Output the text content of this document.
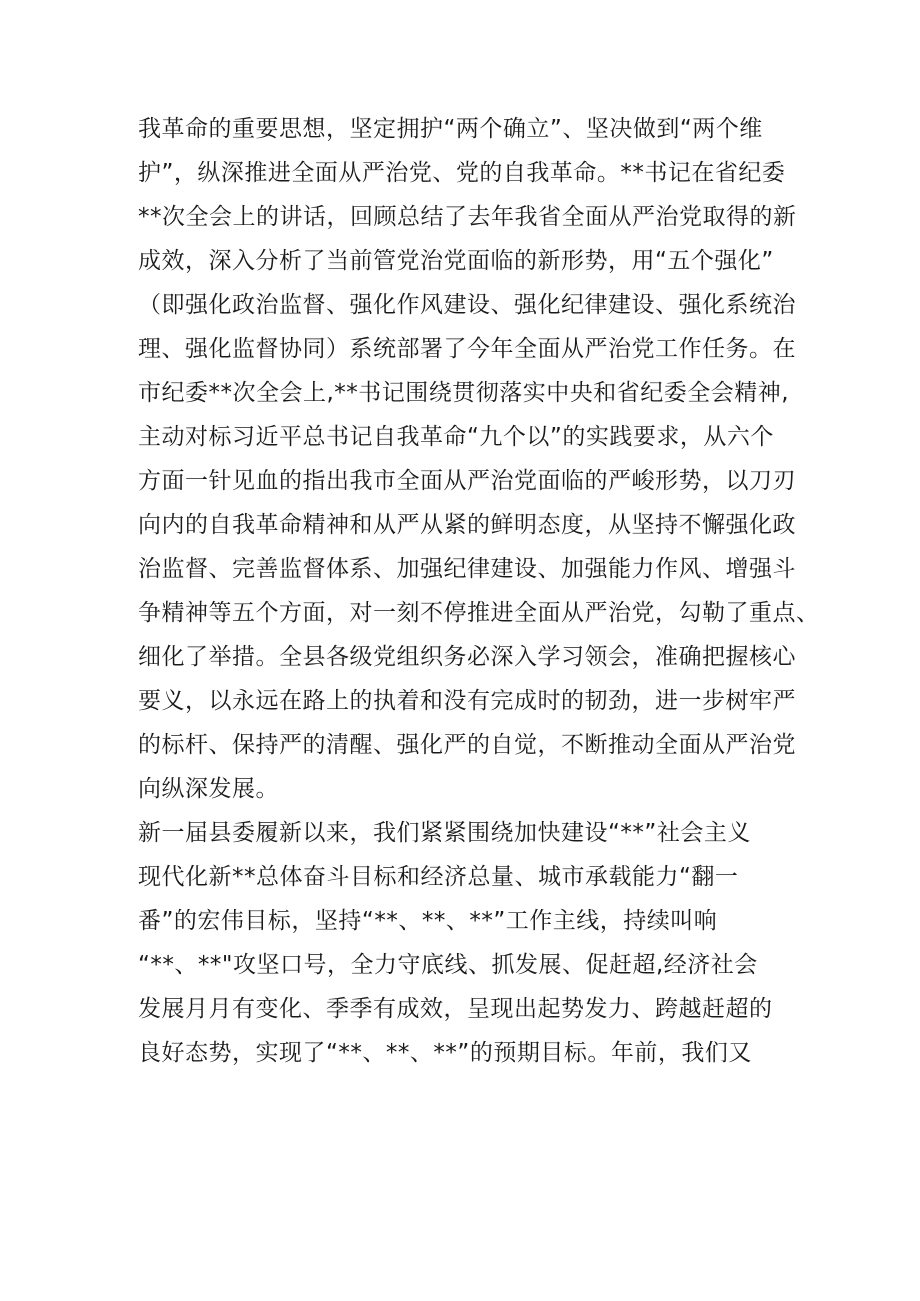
我革命的重要思想，坚定拥护“两个确立”、坚决做到“两个维
护”，纵深推进全面从严治党、党的自我革命。**书记在省纪委
**次全会上的讲话，回顾总结了去年我省全面从严治党取得的新
成效，深入分析了当前管党治党面临的新形势，用“五个强化”
（即强化政治监督、强化作风建设、强化纪律建设、强化系统治
理、强化监督协同）系统部署了今年全面从严治党工作任务。在
市纪委**次全会上,**书记围绕贯彻落实中央和省纪委全会精神,
主动对标习近平总书记自我革命“九个以”的实践要求，从六个
方面一针见血的指出我市全面从严治党面临的严峻形势，以刀刃
向内的自我革命精神和从严从紧的鲜明态度，从坚持不懈强化政
治监督、完善监督体系、加强纪律建设、加强能力作风、增强斗
争精神等五个方面，对一刻不停推进全面从严治党，勾勒了重点、
细化了举措。全县各级党组织务必深入学习领会，准确把握核心
要义，以永远在路上的执着和没有完成时的韧劲，进一步树牢严
的标杆、保持严的清醒、强化严的自觉，不断推动全面从严治党
向纵深发展。
新一届县委履新以来，我们紧紧围绕加快建设“**”社会主义
现代化新**总体奋斗目标和经济总量、城市承载能力“翻一
番”的宏伟目标，坚持“**、**、**”工作主线，持续叫响
“**、**"攻坚口号，全力守底线、抓发展、促赶超,经济社会
发展月月有变化、季季有成效，呈现出起势发力、跨越赶超的
良好态势，实现了“**、**、**”的预期目标。年前，我们又
